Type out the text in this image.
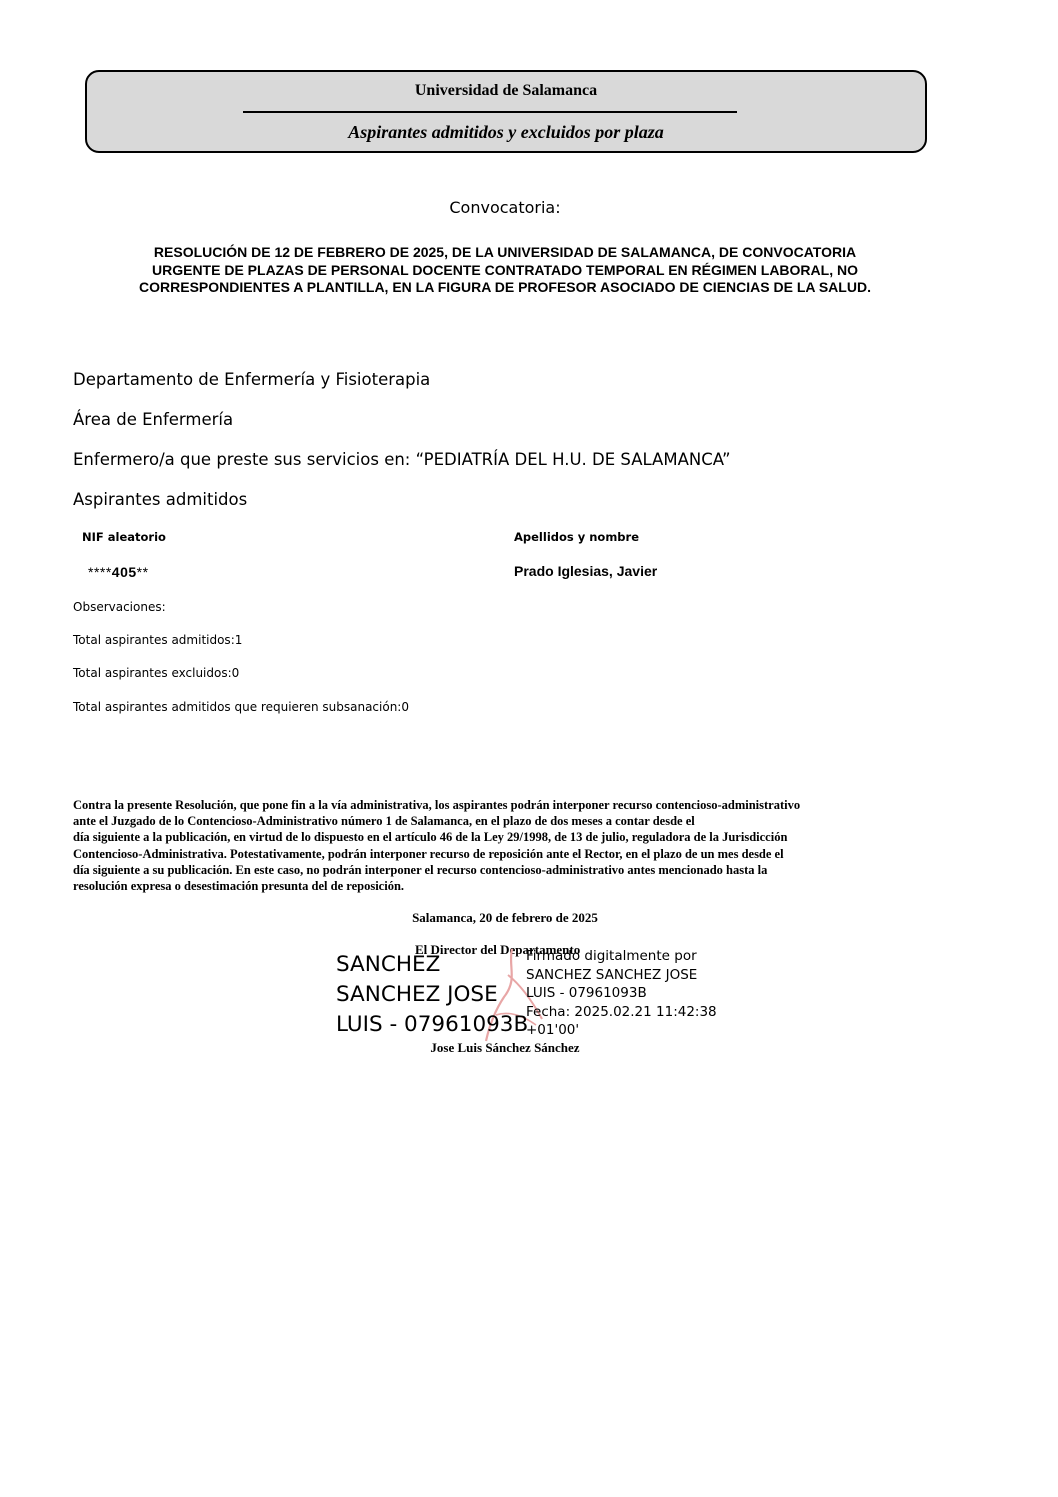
Universidad de Salamanca
Aspirantes admitidos y excluidos por plaza
Convocatoria:
RESOLUCIÓN DE 12 DE FEBRERO DE 2025, DE LA UNIVERSIDAD DE SALAMANCA, DE CONVOCATORIA URGENTE DE PLAZAS DE PERSONAL DOCENTE CONTRATADO TEMPORAL EN RÉGIMEN LABORAL, NO CORRESPONDIENTES A PLANTILLA, EN LA FIGURA DE PROFESOR ASOCIADO DE CIENCIAS DE LA SALUD.
Departamento de Enfermería y Fisioterapia
Área de Enfermería
Enfermero/a que preste sus servicios en: “PEDIATRÍA DEL H.U. DE SALAMANCA”
Aspirantes admitidos
NIF aleatorio	Apellidos y nombre
****405**	Prado Iglesias, Javier
Observaciones:
Total aspirantes admitidos:1
Total aspirantes excluidos:0
Total aspirantes admitidos que requieren subsanación:0
Contra la presente Resolución, que pone fin a la vía administrativa, los aspirantes podrán interponer recurso contencioso-administrativo
ante el Juzgado de lo Contencioso-Administrativo número 1 de Salamanca, en el plazo de dos meses a contar desde el
día siguiente a la publicación, en virtud de lo dispuesto en el artículo 46 de la Ley 29/1998, de 13 de julio, reguladora de la Jurisdicción
Contencioso-Administrativa. Potestativamente, podrán interponer recurso de reposición ante el Rector, en el plazo de un mes desde el
día siguiente a su publicación. En este caso, no podrán interponer el recurso contencioso-administrativo antes mencionado hasta la
resolución expresa o desestimación presunta del de reposición.
Salamanca, 20 de febrero de 2025
El Director del Departamento
SANCHEZ
SANCHEZ JOSE
LUIS - 07961093B
Firmado digitalmente por
SANCHEZ SANCHEZ JOSE
LUIS - 07961093B
Fecha: 2025.02.21 11:42:38
+01'00'
Jose Luis Sánchez Sánchez
